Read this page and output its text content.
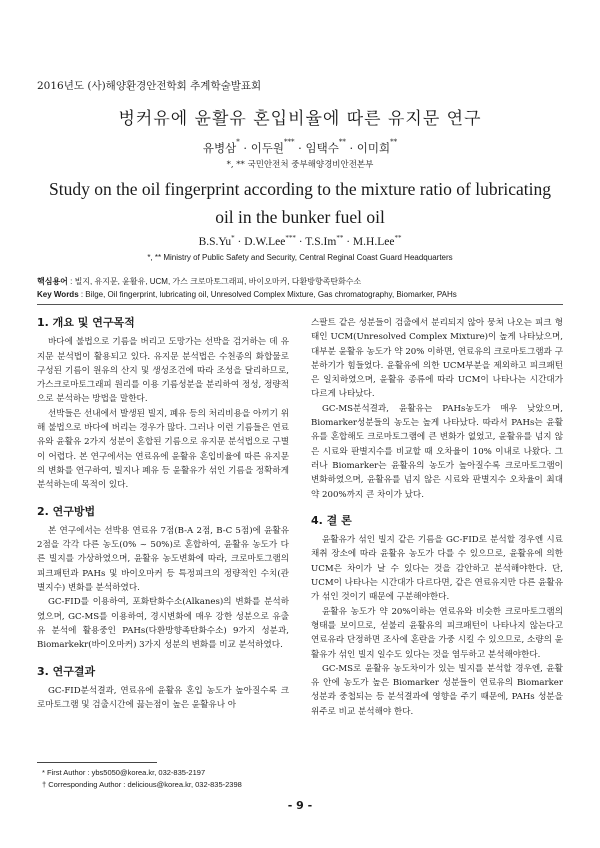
2016년도 (사)해양환경안전학회 추계학술발표회
벙커유에 윤활유 혼입비율에 따른 유지문 연구
유병삼* · 이두원*** · 임택수** · 이미희**
*, ** 국민안전처 중부해양경비안전본부
Study on the oil fingerprint according to the mixture ratio of lubricating oil in the bunker fuel oil
B.S.Yu* · D.W.Lee*** · T.S.Im** · M.H.Lee**
*, ** Ministry of Public Safety and Security, Central Reginal Coast Guard Headquarters
핵심용어 : 빌지, 유지문, 윤활유, UCM, 가스 크로마토그래피, 바이오마커, 다환방향족탄화수소
Key Words : Bilge, Oil fingerprint, lubricating oil, Unresolved Complex Mixture, Gas chromatography, Biomarker, PAHs
1. 개요 및 연구목적

바다에 불법으로 기름을 버리고 도망가는 선박을 검거하는 데 유지문 분석법이 활용되고 있다. 유지문 분석법은 수천종의 화합물로 구성된 기름이 원유의 산지 및 생성조건에 따라 조성을 달리하므로, 가스크로마토그래피 원리를 이용 기름성분을 분리하여 정성, 정량적으로 분석하는 방법을 말한다.

선박들은 선내에서 발생된 빌지, 폐유 등의 처리비용을 아끼기 위해 불법으로 바다에 버리는 경우가 많다. 그러나 이런 기름들은 연료유와 윤활유 2가지 성분이 혼합된 기름으로 유지문 분석법으로 구별이 어렵다. 본 연구에서는 연료유에 윤활유 혼입비율에 따른 유지문의 변화를 연구하여, 빌지나 폐유 등 윤활유가 섞인 기름을 정확하게 분석하는데 목적이 있다.

2. 연구방법

본 연구에서는 선박용 연료유 7점(B-A 2점, B-C 5점)에 윤활유 2점을 각각 다른 농도(0% ~ 50%)로 혼합하여, 윤활유 농도가 다른 빌지를 가상하였으며, 윤활유 농도변화에 따라, 크로마토그램의 피크패턴과 PAHs 및 바이오마커 등 특정피크의 정량적인 수치(관별지수) 변화를 분석하였다.

GC-FID를 이용하여, 포화탄화수소(Alkanes)의 변화를 분석하였으며, GC-MS를 이용하여, 경시변화에 매우 강한 성분으로 유출유 분석에 활용중인 PAHs(다환방향족탄화수소) 9가지 성분과, Biomarkekr(바이오마커) 3가지 성분의 변화를 비교 분석하였다.

3. 연구결과

GC-FID분석결과, 연료유에 윤활유 혼입 농도가 높아질수록 크로마토그램 및 검출시간에 끓는점이 높은 윤활유나 아

스팔트 같은 성분들이 검출에서 분리되지 않아 뭉쳐 나오는 피크 형태인 UCM(Unresolved Complex Mixture)이 높게 나타났으며, 대부분 윤활유 농도가 약 20% 이하면, 연료유의 크로마토그램과 구분하기가 힘들었다. 윤활유에 의한 UCM부분을 제외하고 피크패턴은 일치하였으며, 윤활유 종류에 따라 UCM이 나타나는 시간대가 다르게 나타났다.

GC-MS분석결과, 윤활유는 PAHs농도가 매우 낮았으며, Biomarker성분들의 농도는 높게 나타났다. 따라서 PAHs는 윤활유를 혼합해도 크로마토그램에 큰 변화가 없었고, 윤활유를 넘지 않은 시료와 판별지수를 비교할 때 오차율이 10% 이내로 나왔다. 그러나 Biomarker는 윤활유의 농도가 높아질수록 크로마토그램이 변화하였으며, 윤활유를 넘지 않은 시료와 판별지수 오차율이 최대 약 200%까지 큰 차이가 났다.

4. 결 론

윤활유가 섞인 빌지 같은 기름을 GC-FID로 분석할 경우엔 시료채취 장소에 따라 윤활유 농도가 다를 수 있으므로, 윤활유에 의한 UCM은 차이가 날 수 있다는 것을 감안하고 분석해야한다. 단, UCM이 나타나는 시간대가 다르다면, 같은 연료유지만 다른 윤활유가 섞인 것이기 때문에 구분해야한다.

윤활유 농도가 약 20%이하는 연료유와 비슷한 크로마토그램의 형태를 보이므로, 섣불리 윤활유의 피크패턴이 나타나지 않는다고 연료유라 단정하면 조사에 혼란을 가중 시킬 수 있으므로, 소량의 윤활유가 섞인 빌지 일수도 있다는 것을 염두하고 분석해야한다.

GC-MS로 윤활유 농도차이가 있는 빌지를 분석할 경우엔, 윤활유 안에 농도가 높은 Biomarker 성분들이 연료유의 Biomarker 성분과 중첩되는 등 분석결과에 영향을 주기 때문에, PAHs 성분을 위주로 비교 분석해야 한다.

* First Author : ybs5050@korea.kr, 032-835-2197
† Corresponding Author : delicious@korea.kr, 032-835-2398
- 9 -
